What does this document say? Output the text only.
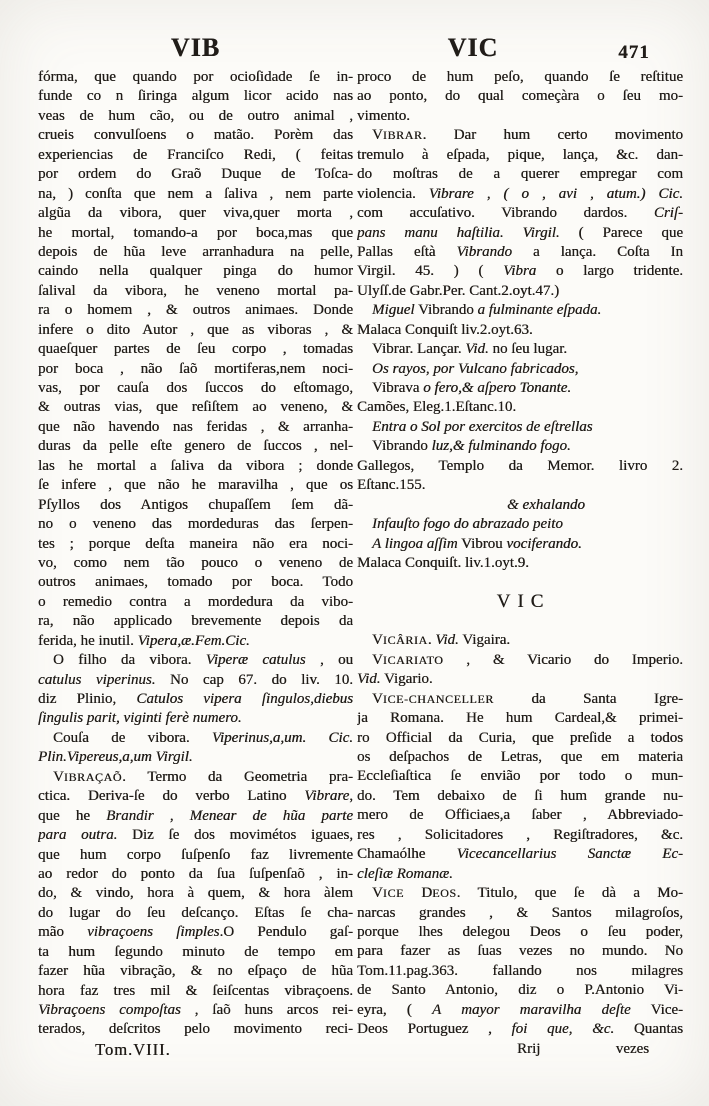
VIB	VIC	471
fórma, que quando por ocioſidade ſe in-
funde co n ſiringa algum licor acido nas
veas de hum cão, ou de outro animal ,
crueis convulſoens o matão. Porèm das
experiencias de Franciſco Redi, ( feitas
por ordem do Graõ Duque de Toſca-
na, ) conſta que nem a ſaliva , nem parte
algũa da vibora, quer viva,quer morta ,
he mortal, tomando-a por boca,mas que
depois de hũa leve arranhadura na pelle,
caindo nella qualquer pinga do humor
ſalival da vibora, he veneno mortal pa-
ra o homem , & outros animaes. Donde
infere o dito Autor , que as viboras , &
quaeſquer partes de ſeu corpo , tomadas
por boca , não ſaõ mortiferas,nem noci-
vas, por cauſa dos ſuccos do eſtomago,
& outras vias, que reſiſtem ao veneno, &
que não havendo nas feridas , & arranha-
duras da pelle eſte genero de ſuccos , nel-
las he mortal a ſaliva da vibora ; donde
ſe infere , que não he maravilha , que os
Pſyllos dos Antigos chupaſſem ſem dã-
no o veneno das mordeduras das ſerpen-
tes ; porque deſta maneira não era noci-
vo, como nem tão pouco o veneno de
outros animaes, tomado por boca. Todo
o remedio contra a mordedura da vibo-
ra, não applicado brevemente depois da
ferida, he inutil. Vipera,æ.Fem.Cic.
O filho da vibora. Viperæ catulus , ou
catulus viperinus. No cap 67. do liv. 10.
diz Plinio, Catulos vipera ſingulos,diebus
ſingulis parit, viginti ferè numero.
Couſa de vibora. Viperinus,a,um. Cic.
Plin.Vipereus,a,um Virgil.
VIBRAÇAÕ. Termo da Geometria pra-
ctica. Deriva-ſe do verbo Latino Vibrare,
que he Brandir , Menear de hũa parte
para outra. Diz ſe dos movimétos iguaes,
que hum corpo ſuſpenſo faz livremente
ao redor do ponto da ſua ſuſpenſaõ , in-
do, & vindo, hora à quem, & hora àlem
do lugar do ſeu deſcanço. Eſtas ſe cha-
mão vibraçoens ſimples.O Pendulo gaſ-
ta hum ſegundo minuto de tempo em
fazer hũa vibração, & no eſpaço de hũa
hora faz tres mil & ſeiſcentas vibraçoens.
Vibraçoens compoſtas , ſaõ huns arcos rei-
terados, deſcritos pelo movimento reci-
Tom.VIII.
proco de hum peſo, quando ſe reſtitue
ao ponto, do qual começàra o ſeu mo-
vimento.
VIBRAR. Dar hum certo movimento
tremulo à eſpada, pique, lança, &c. dan-
do moſtras de a querer empregar com
violencia. Vibrare , ( o , avi , atum.) Cic.
com accuſativo. Vibrando dardos. Criſ-
pans manu haſtilia. Virgil. ( Parece que
Pallas eſtà Vibrando a lança. Coſta In
Virgil. 45. ) ( Vibra o largo tridente.
Ulyſſ.de Gabr.Per. Cant.2.oyt.47.)
Miguel Vibrando a fulminante eſpada.
Malaca Conquiſt liv.2.oyt.63.
Vibrar. Lançar. Vid. no ſeu lugar.
Os rayos, por Vulcano fabricados,
Vibrava o fero,& aſpero Tonante.
Camões, Eleg.1.Eſtanc.10.
Entra o Sol por exercitos de eſtrellas
Vibrando luz,& fulminando fogo.
Gallegos, Templo da Memor. livro 2.
Eſtanc.155.
& exhalando
Infauſto fogo do abrazado peito
A lingoa aſſim Vibrou vociferando.
Malaca Conquiſt. liv.1.oyt.9.
VIC
VICÂRIA. Vid. Vigaira.
VICARIATO , & Vicario do Imperio.
Vid. Vigario.
VICE-CHANCELLER da Santa Igre-
ja Romana. He hum Cardeal,& primei-
ro Official da Curia, que preſide a todos
os deſpachos de Letras, que em materia
Eccleſiaſtica ſe envião por todo o mun-
do. Tem debaixo de ſi hum grande nu-
mero de Officiaes,a ſaber , Abbreviado-
res , Solicitadores , Regiſtradores, &c.
Chamaólhe Vicecancellarius Sanctæ Ec-
cleſiæ Romanæ.
VICE DEOS. Titulo, que ſe dà a Mo-
narcas grandes , & Santos milagroſos,
porque lhes delegou Deos o ſeu poder,
para fazer as ſuas vezes no mundo. No
Tom.11.pag.363. fallando nos milagres
de Santo Antonio, diz o P.Antonio Vi-
eyra, ( A mayor maravilha deſte Vice-
Deos Portuguez , foi que, &c. Quantas
Rrij	vezes
